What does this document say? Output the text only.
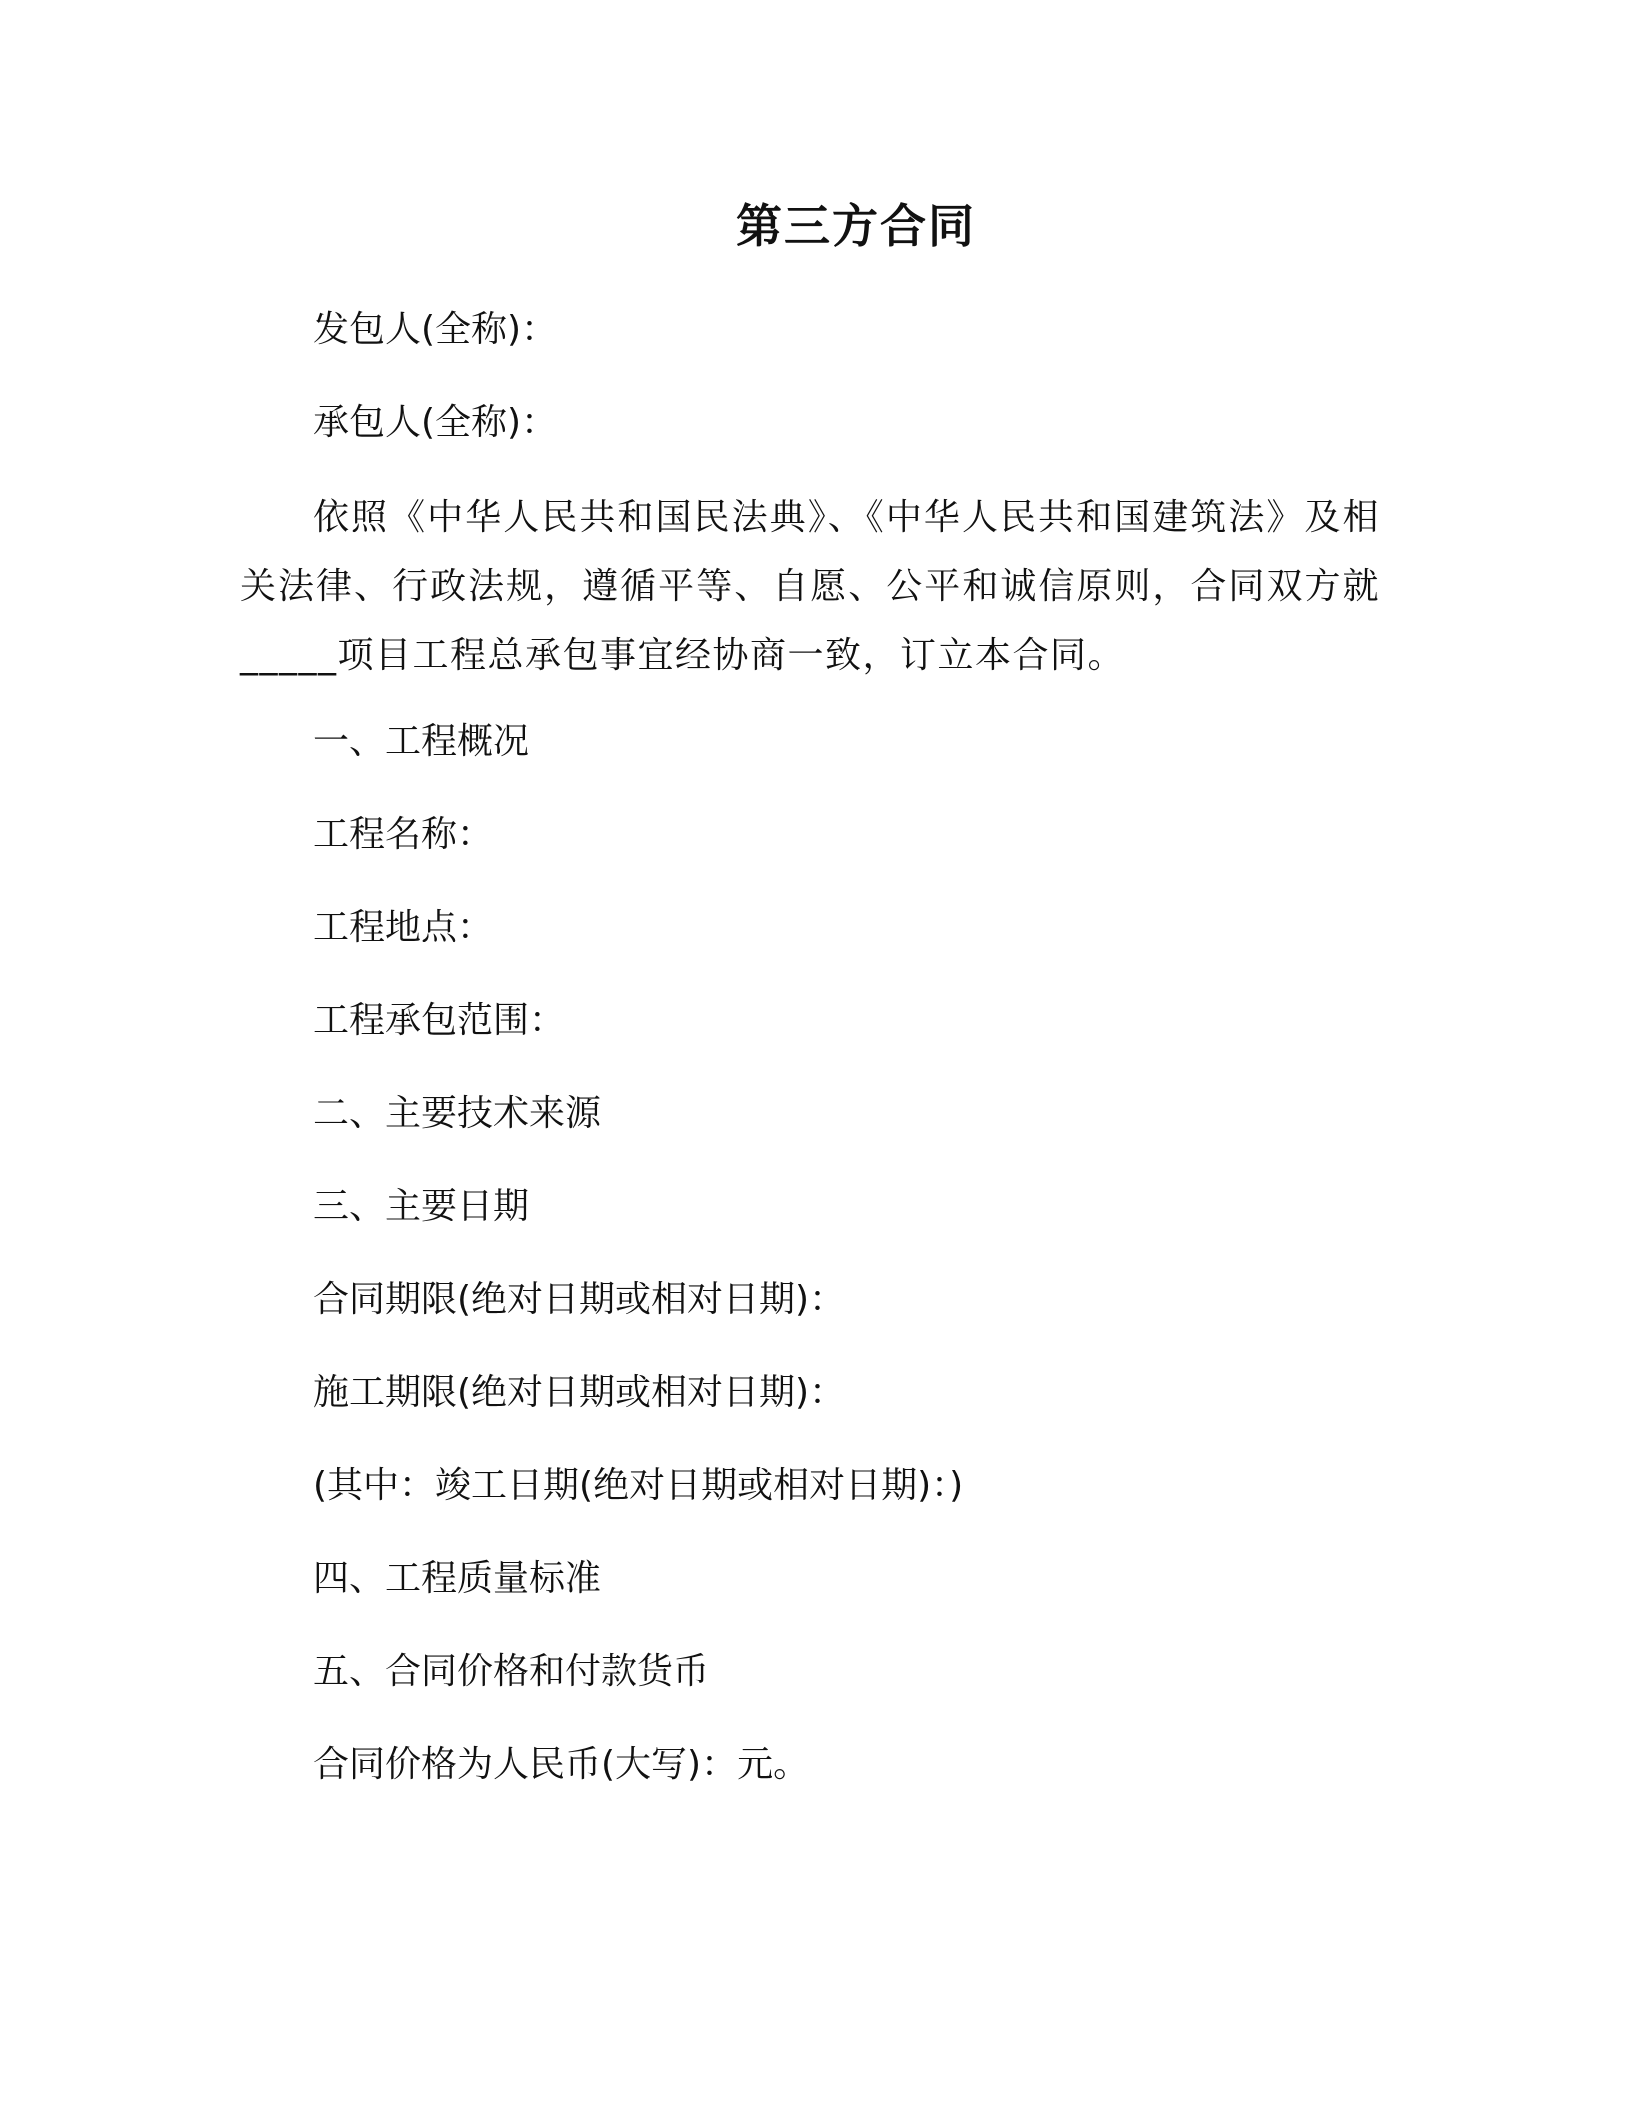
第三方合同
发包人(全称)：
承包人(全称)：
依照《中华人民共和国民法典》、《中华人民共和国建筑法》及相关法律、行政法规，遵循平等、自愿、公平和诚信原则，合同双方就_____项目工程总承包事宜经协商一致，订立本合同。
一、工程概况
工程名称：
工程地点：
工程承包范围：
二、主要技术来源
三、主要日期
合同期限(绝对日期或相对日期)：
施工期限(绝对日期或相对日期)：
(其中：竣工日期(绝对日期或相对日期)：)
四、工程质量标准
五、合同价格和付款货币
合同价格为人民币(大写)：元。
